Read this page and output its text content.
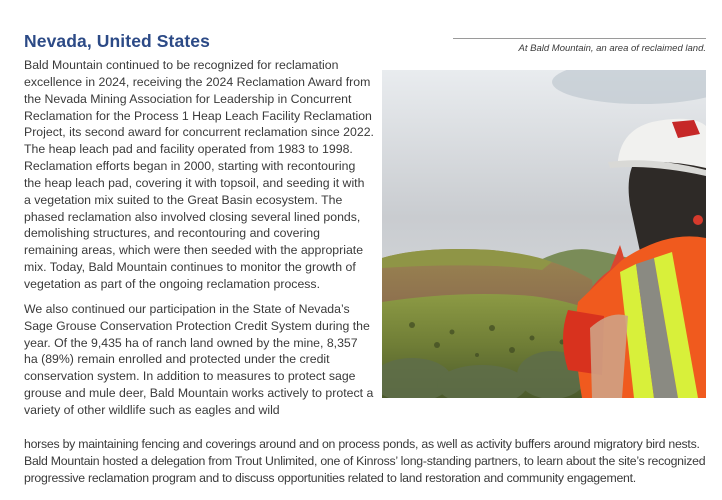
Nevada, United States

Bald Mountain continued to be recognized for reclamation excellence in 2024, receiving the 2024 Reclamation Award from the Nevada Mining Association for Leadership in Concurrent Reclamation for the Process 1 Heap Leach Facility Reclamation Project, its second award for concurrent reclamation since 2022. The heap leach pad and facility operated from 1983 to 1998. Reclamation efforts began in 2000, starting with recontouring the heap leach pad, covering it with topsoil, and seeding it with a vegetation mix suited to the Great Basin ecosystem. The phased reclamation also involved closing several lined ponds, demolishing structures, and recontouring and covering remaining areas, which were then seeded with the appropriate mix. Today, Bald Mountain continues to monitor the growth of vegetation as part of the ongoing reclamation process.

We also continued our participation in the State of Nevada’s Sage Grouse Conservation Protection Credit System during the year. Of the 9,435 ha of ranch land owned by the mine, 8,357 ha (89%) remain enrolled and protected under the credit conservation system. In addition to measures to protect sage grouse and mule deer, Bald Mountain works actively to protect a variety of other wildlife such as eagles and wild

At Bald Mountain, an area of reclaimed land.

horses by maintaining fencing and coverings around and on process ponds, as well as activity buffers around migratory bird nests. Bald Mountain hosted a delegation from Trout Unlimited, one of Kinross’ long-standing partners, to learn about the site’s recognized progressive reclamation program and to discuss opportunities related to land restoration and community engagement.
